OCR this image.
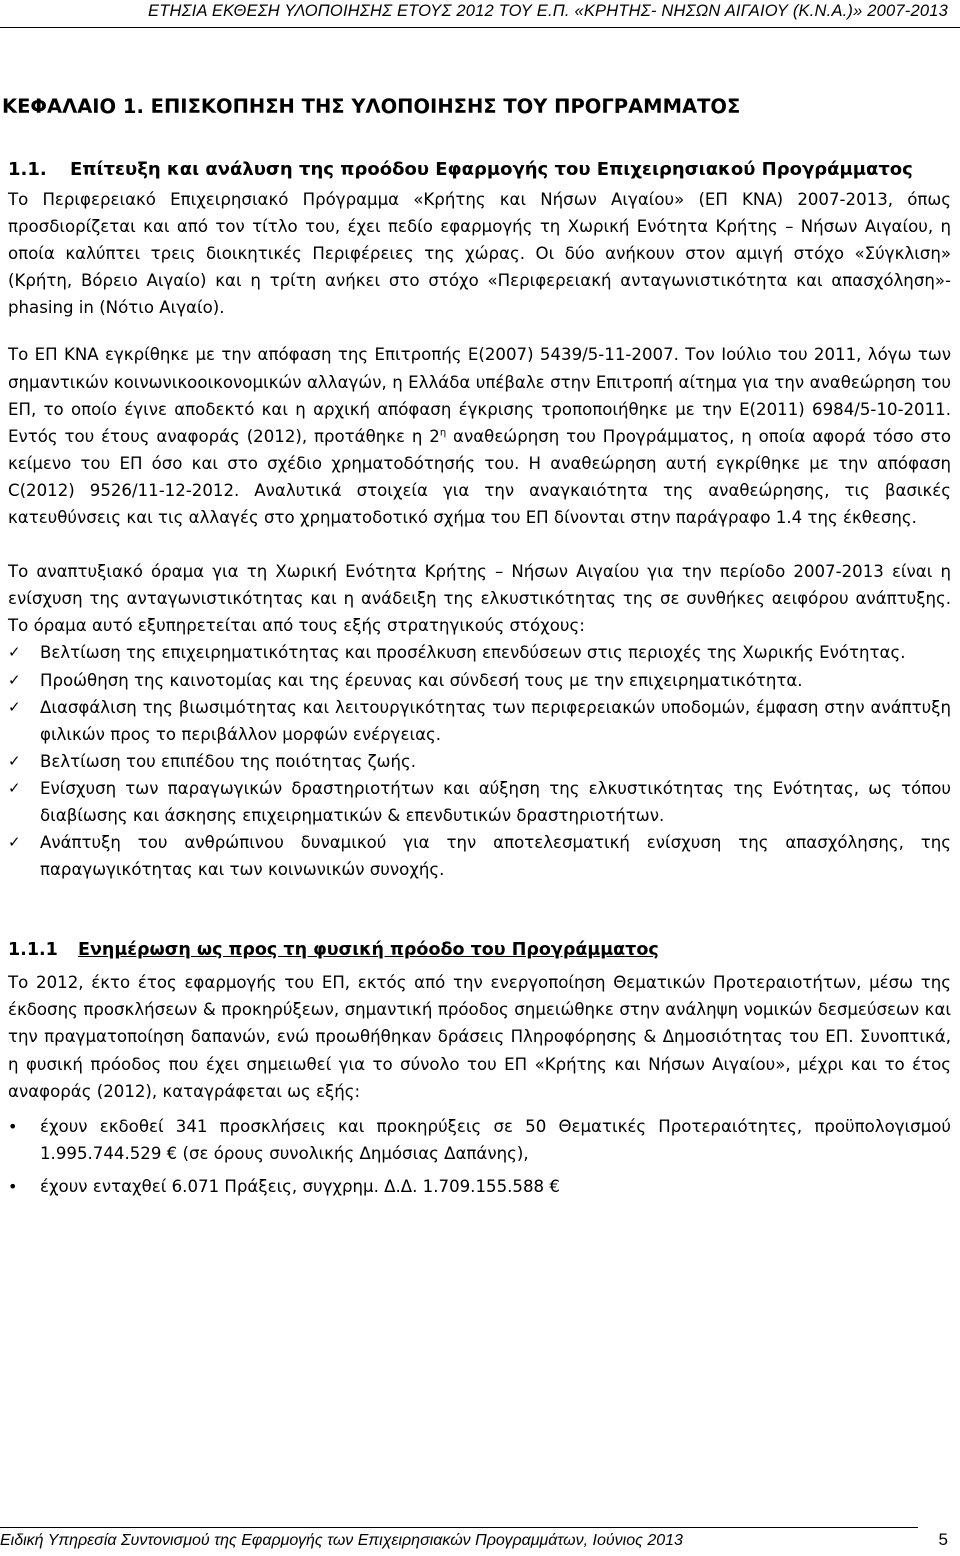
ΕΤΗΣΙΑ ΕΚΘΕΣΗ ΥΛΟΠΟΙΗΣΗΣ ΕΤΟΥΣ 2012 ΤΟΥ Ε.Π. «ΚΡΗΤΗΣ- ΝΗΣΩΝ ΑΙΓΑΙΟΥ (Κ.Ν.Α.)» 2007-2013
ΚΕΦΑΛΑΙΟ 1. ΕΠΙΣΚΟΠΗΣΗ ΤΗΣ ΥΛΟΠΟΙΗΣΗΣ ΤΟΥ ΠΡΟΓΡΑΜΜΑΤΟΣ
1.1.	Επίτευξη και ανάλυση της προόδου Εφαρμογής του Επιχειρησιακού Προγράμματος

Το Περιφερειακό Επιχειρησιακό Πρόγραμμα «Κρήτης και Νήσων Αιγαίου» (ΕΠ ΚΝΑ) 2007-2013, όπως προσδιορίζεται και από τον τίτλο του, έχει πεδίο εφαρμογής τη Χωρική Ενότητα Κρήτης – Νήσων Αιγαίου, η οποία καλύπτει τρεις διοικητικές Περιφέρειες της χώρας. Οι δύο ανήκουν στον αμιγή στόχο «Σύγκλιση» (Κρήτη, Βόρειο Αιγαίο) και η τρίτη ανήκει στο στόχο «Περιφερειακή ανταγωνιστικότητα και απασχόληση»-phasing in (Νότιο Αιγαίο).

Το ΕΠ ΚΝΑ εγκρίθηκε με την απόφαση της Επιτροπής Ε(2007) 5439/5-11-2007. Τον Ιούλιο του 2011, λόγω των σημαντικών κοινωνικοοικονομικών αλλαγών, η Ελλάδα υπέβαλε στην Επιτροπή αίτημα για την αναθεώρηση του ΕΠ, το οποίο έγινε αποδεκτό και η αρχική απόφαση έγκρισης τροποποιήθηκε με την Ε(2011) 6984/5-10-2011. Εντός του έτους αναφοράς (2012), προτάθηκε η $2^\eta$ αναθεώρηση του Προγράμματος, η οποία αφορά τόσο στο κείμενο του ΕΠ όσο και στο σχέδιο χρηματοδότησής του. Η αναθεώρηση αυτή εγκρίθηκε με την απόφαση C(2012) 9526/11-12-2012. Αναλυτικά στοιχεία για την αναγκαιότητα της αναθεώρησης, τις βασικές κατευθύνσεις και τις αλλαγές στο χρηματοδοτικό σχήμα του ΕΠ δίνονται στην παράγραφο 1.4 της έκθεσης.

Το αναπτυξιακό όραμα για τη Χωρική Ενότητα Κρήτης – Νήσων Αιγαίου για την περίοδο 2007-2013 είναι η ενίσχυση της ανταγωνιστικότητας και η ανάδειξη της ελκυστικότητας της σε συνθήκες αειφόρου ανάπτυξης. Το όραμα αυτό εξυπηρετείται από τους εξής στρατηγικούς στόχους:

✓ Βελτίωση της επιχειρηματικότητας και προσέλκυση επενδύσεων στις περιοχές της Χωρικής Ενότητας.
✓ Προώθηση της καινοτομίας και της έρευνας και σύνδεσή τους με την επιχειρηματικότητα.
✓ Διασφάλιση της βιωσιμότητας και λειτουργικότητας των περιφερειακών υποδομών, έμφαση στην ανάπτυξη φιλικών προς το περιβάλλον μορφών ενέργειας.
✓ Βελτίωση του επιπέδου της ποιότητας ζωής.
✓ Ενίσχυση των παραγωγικών δραστηριοτήτων και αύξηση της ελκυστικότητας της Ενότητας, ως τόπου διαβίωσης και άσκησης επιχειρηματικών & επενδυτικών δραστηριοτήτων.
✓ Ανάπτυξη του ανθρώπινου δυναμικού για την αποτελεσματική ενίσχυση της απασχόλησης, της παραγωγικότητας και των κοινωνικών συνοχής.
1.1.1	Ενημέρωση ως προς τη φυσική πρόοδο του Προγράμματος

Το 2012, έκτο έτος εφαρμογής του ΕΠ, εκτός από την ενεργοποίηση Θεματικών Προτεραιοτήτων, μέσω της έκδοσης προσκλήσεων & προκηρύξεων, σημαντική πρόοδος σημειώθηκε στην ανάληψη νομικών δεσμεύσεων και την πραγματοποίηση δαπανών, ενώ προωθήθηκαν δράσεις Πληροφόρησης & Δημοσιότητας του ΕΠ. Συνοπτικά, η φυσική πρόοδος που έχει σημειωθεί για το σύνολο του ΕΠ «Κρήτης και Νήσων Αιγαίου», μέχρι και το έτος αναφοράς (2012), καταγράφεται ως εξής:

• έχουν εκδοθεί 341 προσκλήσεις και προκηρύξεις σε 50 Θεματικές Προτεραιότητες, προϋπολογισμού 1.995.744.529 € (σε όρους συνολικής Δημόσιας Δαπάνης),
• έχουν ενταχθεί 6.071 Πράξεις, συγχρημ. Δ.Δ. 1.709.155.588 €
Ειδική Υπηρεσία Συντονισμού της Εφαρμογής των Επιχειρησιακών Προγραμμάτων, Ιούνιος 2013	5
